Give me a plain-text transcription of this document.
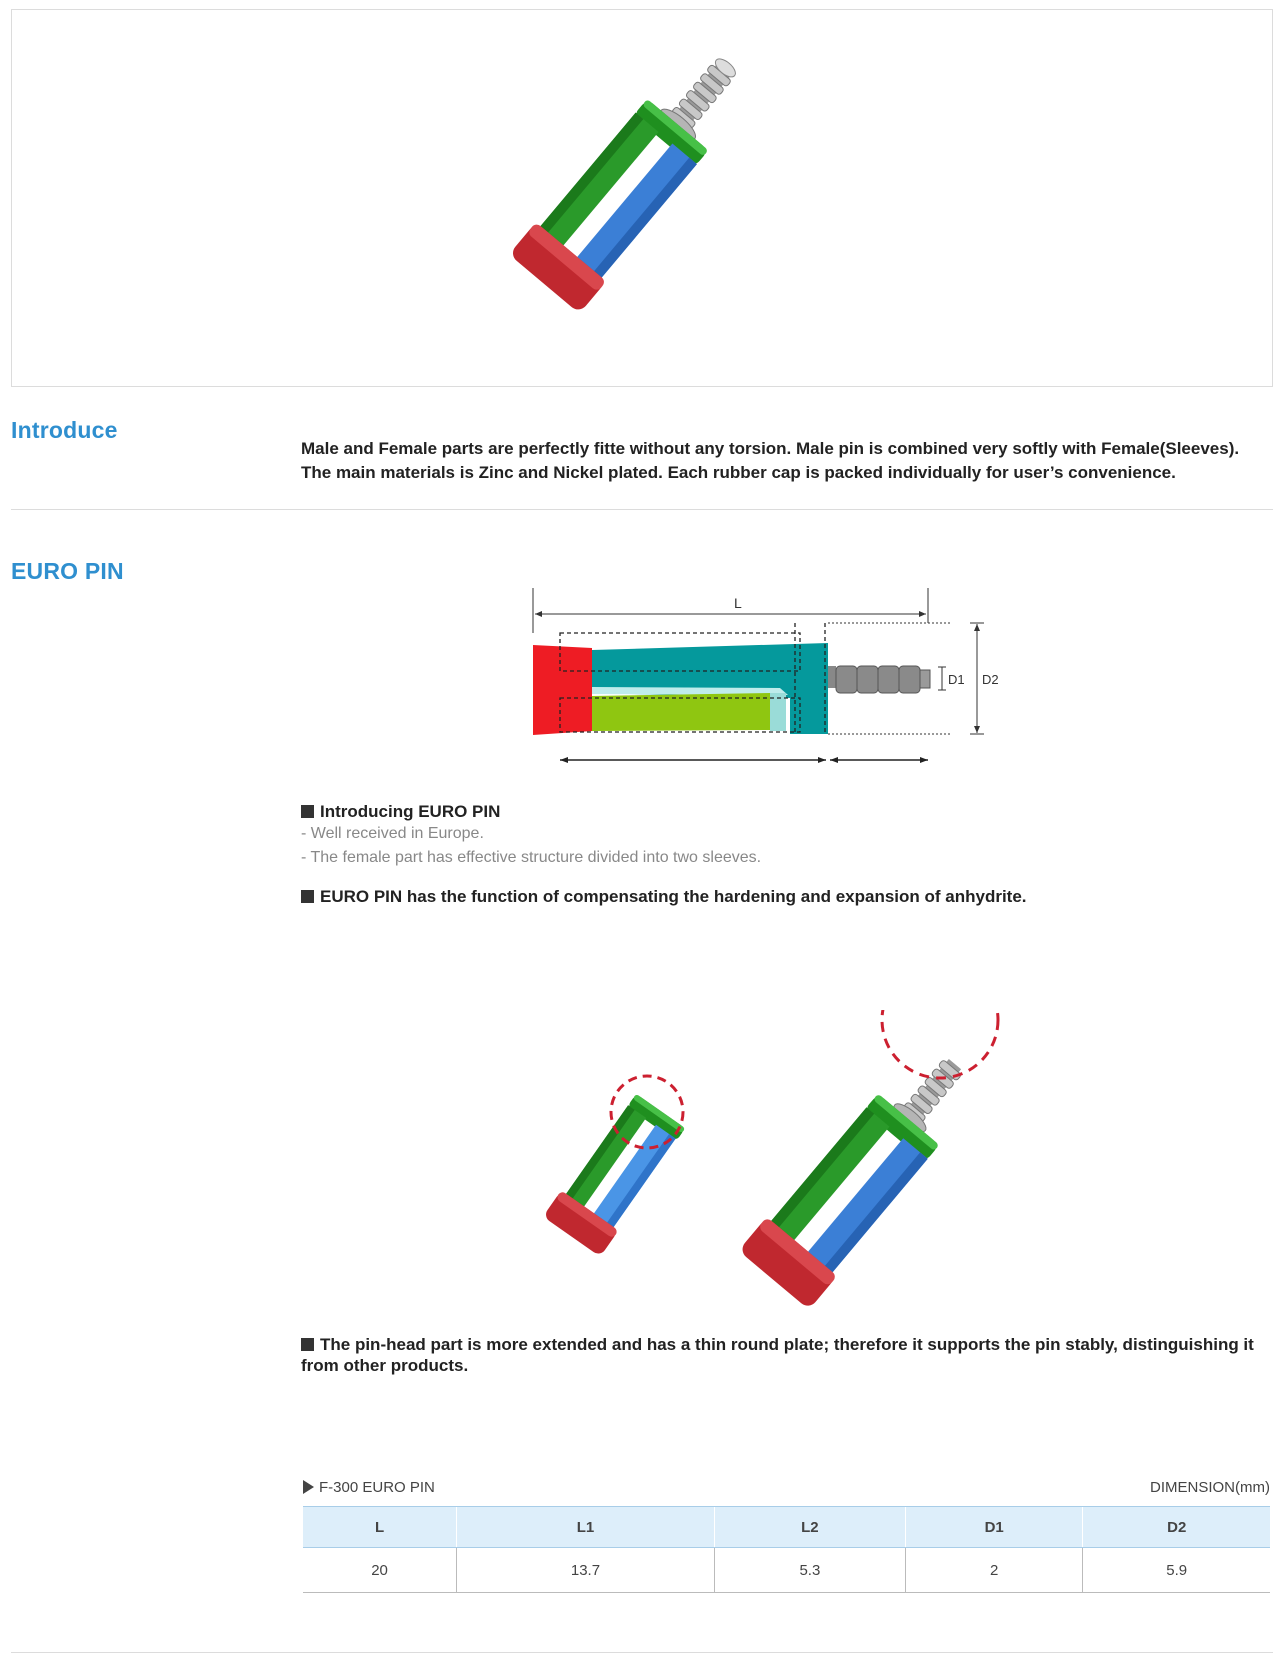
Introduce
Male and Female parts are perfectly fitte without any torsion. Male pin is combined very softly with Female(Sleeves). The main materials is Zinc and Nickel plated. Each rubber cap is packed individually for user’s convenience.
EURO PIN
L
D1 D2
Introducing EURO PIN
- Well received in Europe.
- The female part has effective structure divided into two sleeves.
EURO PIN has the function of compensating the hardening and expansion of anhydrite.
The pin-head part is more extended and has a thin round plate; therefore it supports the pin stably, distinguishing it from other products.
F-300 EURO PIN	DIMENSION(mm)
L	L1	L2	D1	D2
20	13.7	5.3	2	5.9
